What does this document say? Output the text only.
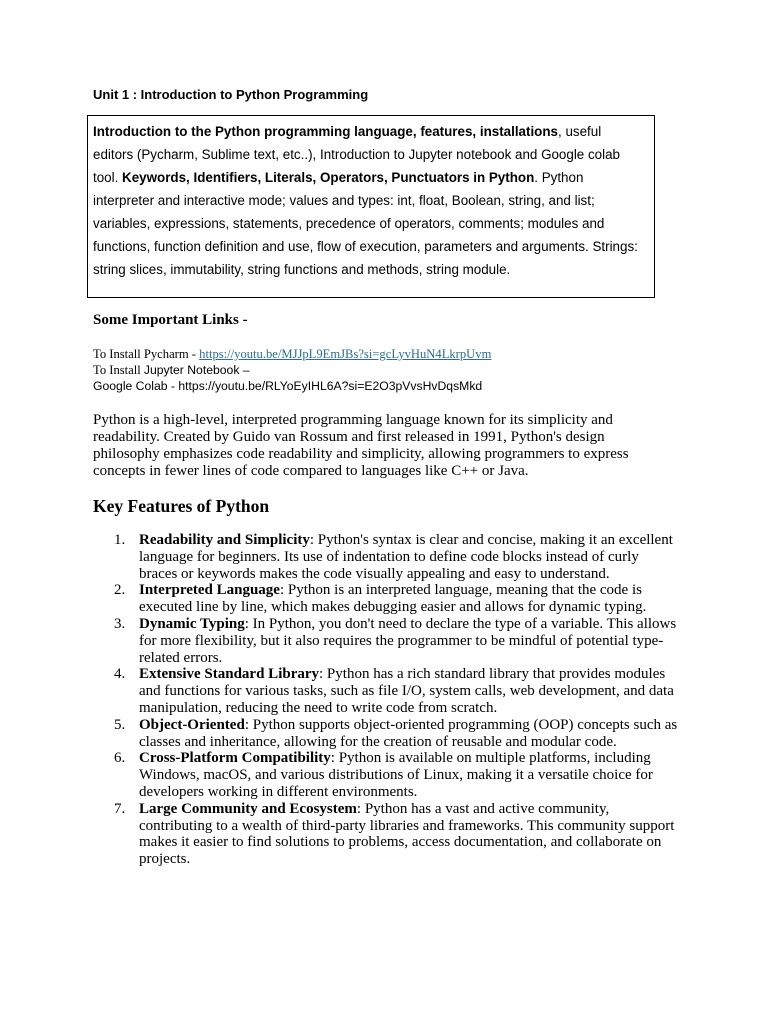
Unit 1 : Introduction to Python Programming
Introduction to the Python programming language, features, installations, useful
editors (Pycharm, Sublime text, etc..), Introduction to Jupyter notebook and Google colab
tool. Keywords, Identifiers, Literals, Operators, Punctuators in Python. Python
interpreter and interactive mode; values and types: int, float, Boolean, string, and list;
variables, expressions, statements, precedence of operators, comments; modules and
functions, function definition and use, flow of execution, parameters and arguments. Strings:
string slices, immutability, string functions and methods, string module.
Some Important Links -
To Install Pycharm - https://youtu.be/MJJpL9EmJBs?si=gcLyvHuN4LkrpUvm
To Install Jupyter Notebook –
Google Colab - https://youtu.be/RLYoEyIHL6A?si=E2O3pVvsHvDqsMkd

Python is a high-level, interpreted programming language known for its simplicity and readability. Created by Guido van Rossum and first released in 1991, Python's design philosophy emphasizes code readability and simplicity, allowing programmers to express concepts in fewer lines of code compared to languages like C++ or Java.

Key Features of Python
1. Readability and Simplicity: Python's syntax is clear and concise, making it an excellent language for beginners. Its use of indentation to define code blocks instead of curly braces or keywords makes the code visually appealing and easy to understand.
2. Interpreted Language: Python is an interpreted language, meaning that the code is executed line by line, which makes debugging easier and allows for dynamic typing.
3. Dynamic Typing: In Python, you don't need to declare the type of a variable. This allows for more flexibility, but it also requires the programmer to be mindful of potential type-related errors.
4. Extensive Standard Library: Python has a rich standard library that provides modules and functions for various tasks, such as file I/O, system calls, web development, and data manipulation, reducing the need to write code from scratch.
5. Object-Oriented: Python supports object-oriented programming (OOP) concepts such as classes and inheritance, allowing for the creation of reusable and modular code.
6. Cross-Platform Compatibility: Python is available on multiple platforms, including Windows, macOS, and various distributions of Linux, making it a versatile choice for developers working in different environments.
7. Large Community and Ecosystem: Python has a vast and active community, contributing to a wealth of third-party libraries and frameworks. This community support makes it easier to find solutions to problems, access documentation, and collaborate on projects.
